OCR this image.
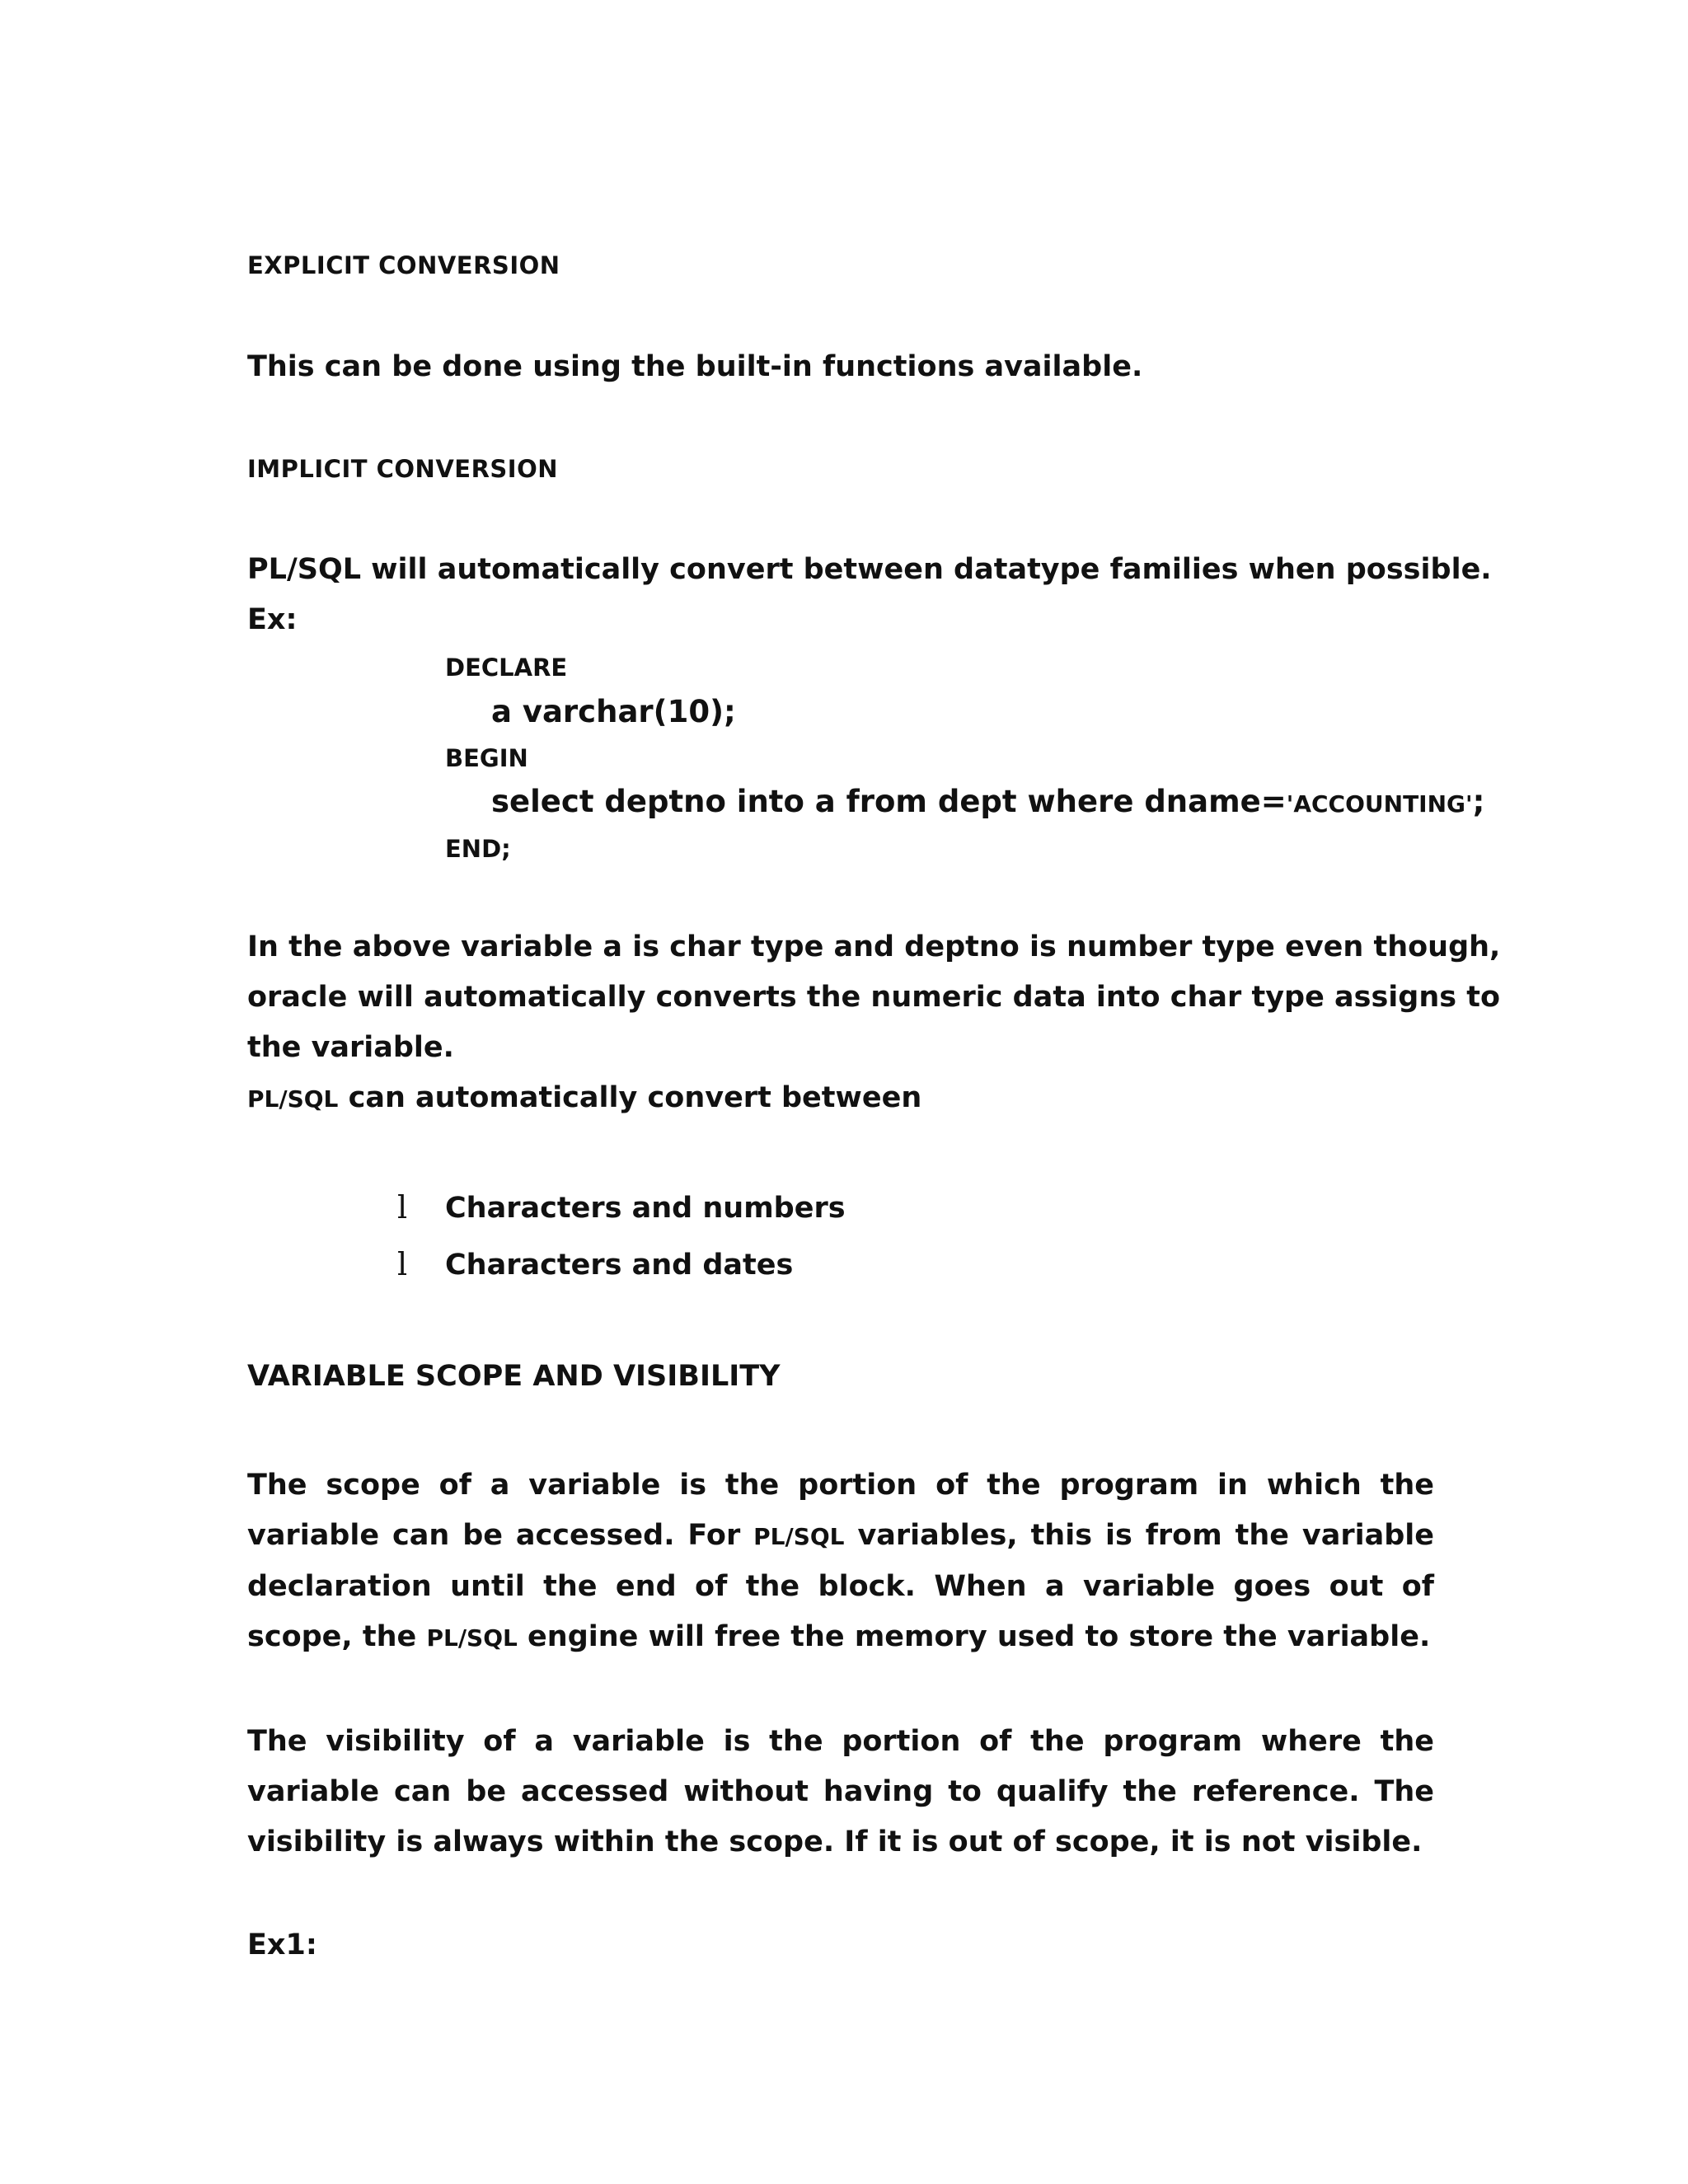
EXPLICIT CONVERSION
This can be done using the built-in functions available.
IMPLICIT CONVERSION
PL/SQL will automatically convert between datatype families when possible.
Ex:
DECLARE
a varchar(10);
BEGIN
select deptno into a from dept where dname='ACCOUNTING';
END;
In the above variable a is char type and deptno is number type even though,
oracle will automatically converts the numeric data into char type assigns to
the variable.
PL/SQL can automatically convert between
l Characters and numbers
l Characters and dates
VARIABLE SCOPE AND VISIBILITY
The scope of a variable is the portion of the program in which the variable can be accessed. For PL/SQL variables, this is from the variable declaration until the end of the block. When a variable goes out of scope, the PL/SQL engine will free the memory used to store the variable.
The visibility of a variable is the portion of the program where the variable can be accessed without having to qualify the reference. The visibility is always within the scope. If it is out of scope, it is not visible.
Ex1:
